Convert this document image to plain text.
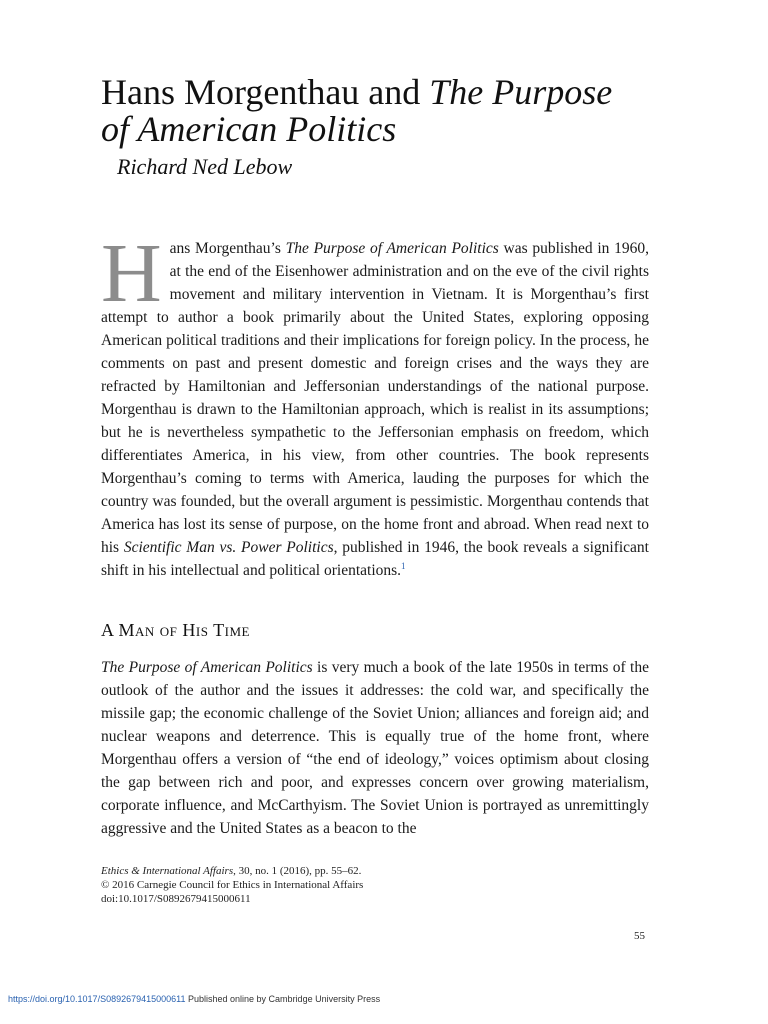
Hans Morgenthau and The Purpose
of American Politics
Richard Ned Lebow

Hans Morgenthau’s The Purpose of American Politics was published in 1960, at the end of the Eisenhower administration and on the eve of the civil rights movement and military intervention in Vietnam. It is Morgenthau’s first attempt to author a book primarily about the United States, exploring opposing American political traditions and their implications for foreign policy. In the process, he comments on past and present domestic and foreign crises and the ways they are refracted by Hamiltonian and Jeffersonian understandings of the national purpose. Morgenthau is drawn to the Hamiltonian approach, which is realist in its assumptions; but he is nevertheless sympathetic to the Jeffersonian emphasis on freedom, which differentiates America, in his view, from other countries. The book represents Morgenthau’s coming to terms with America, lauding the purposes for which the country was founded, but the overall argument is pessimistic. Morgenthau contends that America has lost its sense of purpose, on the home front and abroad. When read next to his Scientific Man vs. Power Politics, published in 1946, the book reveals a significant shift in his intellectual and political orientations.$^1$

A Man of His Time

The Purpose of American Politics is very much a book of the late 1950s in terms of the outlook of the author and the issues it addresses: the cold war, and specifically the missile gap; the economic challenge of the Soviet Union; alliances and foreign aid; and nuclear weapons and deterrence. This is equally true of the home front, where Morgenthau offers a version of “the end of ideology,” voices optimism about closing the gap between rich and poor, and expresses concern over growing materialism, corporate influence, and McCarthyism. The Soviet Union is portrayed as unremittingly aggressive and the United States as a beacon to the

Ethics & International Affairs, 30, no. 1 (2016), pp. 55–62.
© 2016 Carnegie Council for Ethics in International Affairs
doi:10.1017/S0892679415000611
55
https://doi.org/10.1017/S0892679415000611 Published online by Cambridge University Press
